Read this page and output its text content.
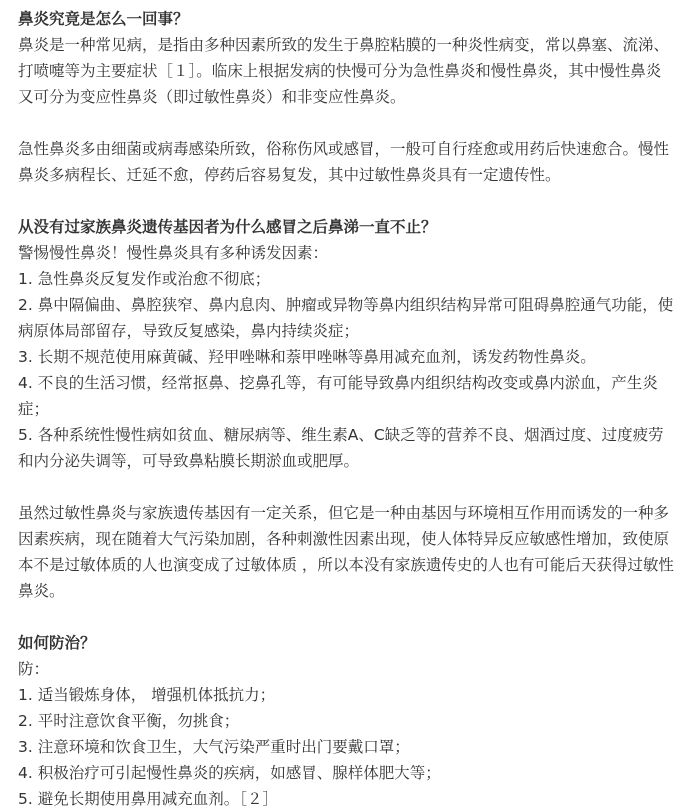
鼻炎究竟是怎么一回事？

鼻炎是一种常见病，是指由多种因素所致的发生于鼻腔粘膜的一种炎性病变，常以鼻塞、流涕、打喷嚏等为主要症状［１］。临床上根据发病的快慢可分为急性鼻炎和慢性鼻炎，其中慢性鼻炎又可分为变应性鼻炎（即过敏性鼻炎）和非变应性鼻炎。

急性鼻炎多由细菌或病毒感染所致，俗称伤风或感冒，一般可自行痊愈或用药后快速愈合。慢性鼻炎多病程长、迁延不愈，停药后容易复发，其中过敏性鼻炎具有一定遗传性。

从没有过家族鼻炎遗传基因者为什么感冒之后鼻涕一直不止？

警惕慢性鼻炎！慢性鼻炎具有多种诱发因素：

1. 急性鼻炎反复发作或治愈不彻底；
2. 鼻中隔偏曲、鼻腔狭窄、鼻内息肉、肿瘤或异物等鼻内组织结构异常可阻碍鼻腔通气功能，使病原体局部留存，导致反复感染，鼻内持续炎症；
3. 长期不规范使用麻黄碱、羟甲唑啉和萘甲唑啉等鼻用减充血剂，诱发药物性鼻炎。
4. 不良的生活习惯，经常抠鼻、挖鼻孔等，有可能导致鼻内组织结构改变或鼻内淤血，产生炎症；
5. 各种系统性慢性病如贫血、糖尿病等、维生素A、C缺乏等的营养不良、烟酒过度、过度疲劳和内分泌失调等，可导致鼻粘膜长期淤血或肥厚。

虽然过敏性鼻炎与家族遗传基因有一定关系，但它是一种由基因与环境相互作用而诱发的一种多因素疾病，现在随着大气污染加剧，各种刺激性因素出现，使人体特异反应敏感性增加，致使原本不是过敏体质的人也演变成了过敏体质 ，所以本没有家族遗传史的人也有可能后天获得过敏性鼻炎。

如何防治？

防：

1. 适当锻炼身体， 增强机体抵抗力；
2. 平时注意饮食平衡，勿挑食；
3. 注意环境和饮食卫生，大气污染严重时出门要戴口罩；
4. 积极治疗可引起慢性鼻炎的疾病，如感冒、腺样体肥大等；
5. 避免长期使用鼻用减充血剂。［２］
